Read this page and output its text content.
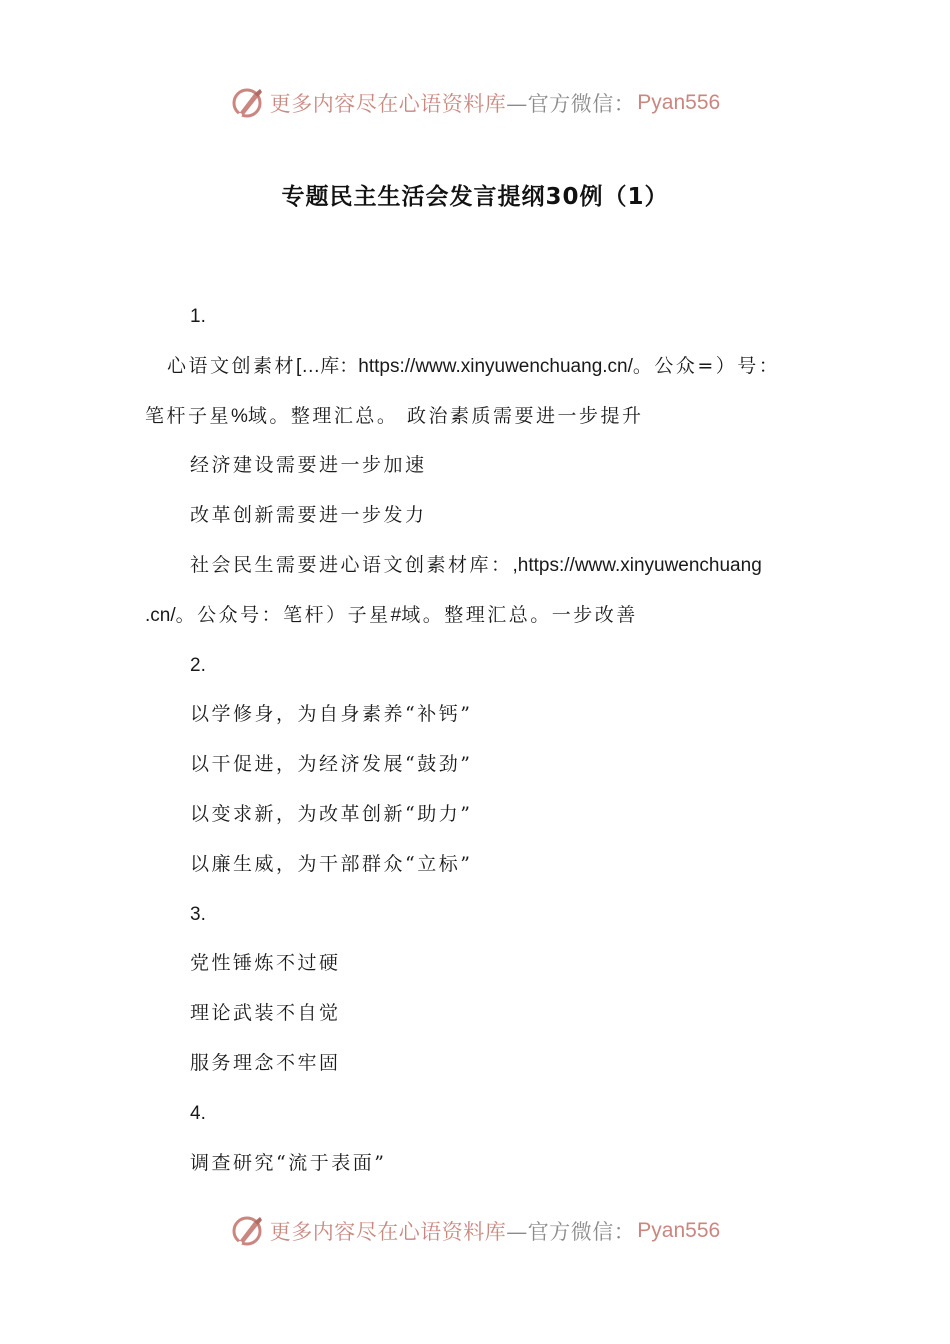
更多内容尽在心语资料库 —官方微信： Pyan556
专题民主生活会发言提纲30例（1）
1.
心语文创素材[…库：https://www.xinyuwenchuang.cn/。公众=）号：
笔杆子星%域。整理汇总。 政治素质需要进一步提升
经济建设需要进一步加速
改革创新需要进一步发力
社会民生需要进心语文创素材库：,https://www.xinyuwenchuang
.cn/。公众号：笔杆）子星#域。整理汇总。一步改善
2.
以学修身，为自身素养“补钙”
以干促进，为经济发展“鼓劲”
以变求新，为改革创新“助力”
以廉生威，为干部群众“立标”
3.
党性锤炼不过硬
理论武装不自觉
服务理念不牢固
4.
调查研究“流于表面”
更多内容尽在心语资料库 —官方微信： Pyan556
